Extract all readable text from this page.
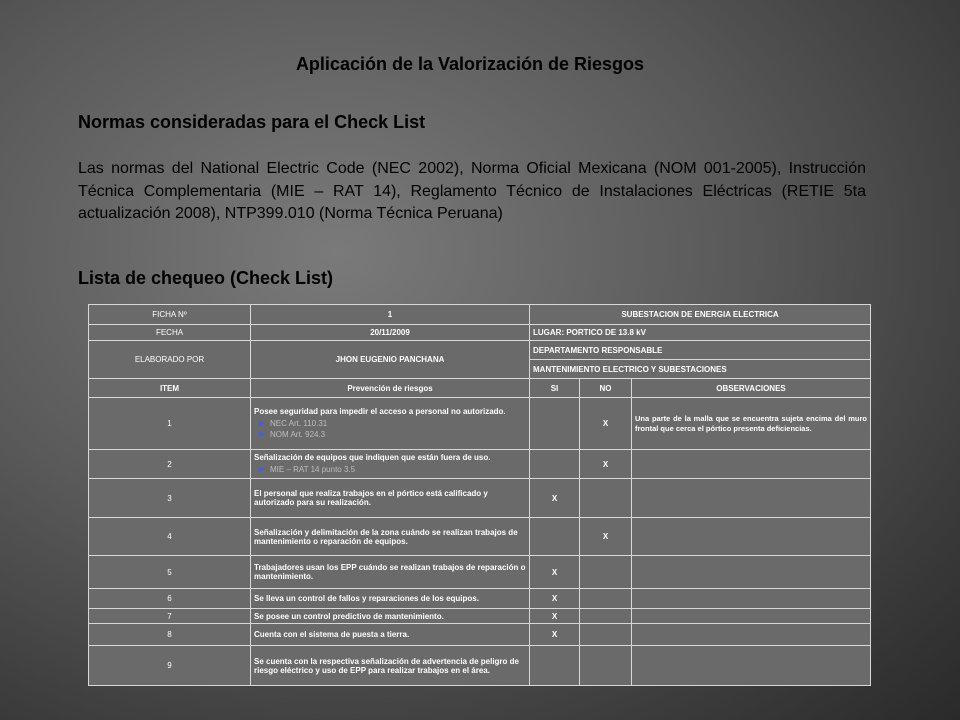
Aplicación de la Valorización de Riesgos
Normas consideradas para el Check List
Las normas del National Electric Code (NEC 2002), Norma Oficial Mexicana (NOM 001-2005), Instrucción Técnica Complementaria (MIE – RAT 14), Reglamento Técnico de Instalaciones Eléctricas (RETIE 5ta actualización 2008), NTP399.010 (Norma Técnica Peruana)
Lista de chequeo (Check List)
FICHA Nº	1	SUBESTACION DE ENERGIA ELECTRICA		
FECHA	20/11/2009	LUGAR: PORTICO DE 13.8 kV		
ELABORADO POR	JHON EUGENIO PANCHANA	DEPARTAMENTO RESPONSABLE		
		MANTENIMIENTO ELECTRICO Y SUBESTACIONES		
ITEM	Prevención de riesgos	SI	NO	OBSERVACIONES
1	Posee seguridad para impedir el acceso a personal no autorizado.
➤ NEC Art. 110.31
➤ NOM Art. 924.3		X	Una parte de la malla que se encuentra sujeta encima del muro frontal que cerca el pórtico presenta deficiencias.
2	Señalización de equipos que indiquen que están fuera de uso.
➤ MIE – RAT 14 punto 3.5		X	
3	El personal que realiza trabajos en el pórtico está calificado y autorizado para su realización.	X		
4	Señalización y delimitación de la zona cuándo se realizan trabajos de mantenimiento o reparación de equipos.		X	
5	Trabajadores usan los EPP cuándo se realizan trabajos de reparación o mantenimiento.	X		
6	Se lleva un control de fallos y reparaciones de los equipos.	X		
7	Se posee un control predictivo de mantenimiento.	X		
8	Cuenta con el sistema de puesta a tierra.	X		
9	Se cuenta con la respectiva señalización de advertencia de peligro de riesgo eléctrico y uso de EPP para realizar trabajos en el área.			
